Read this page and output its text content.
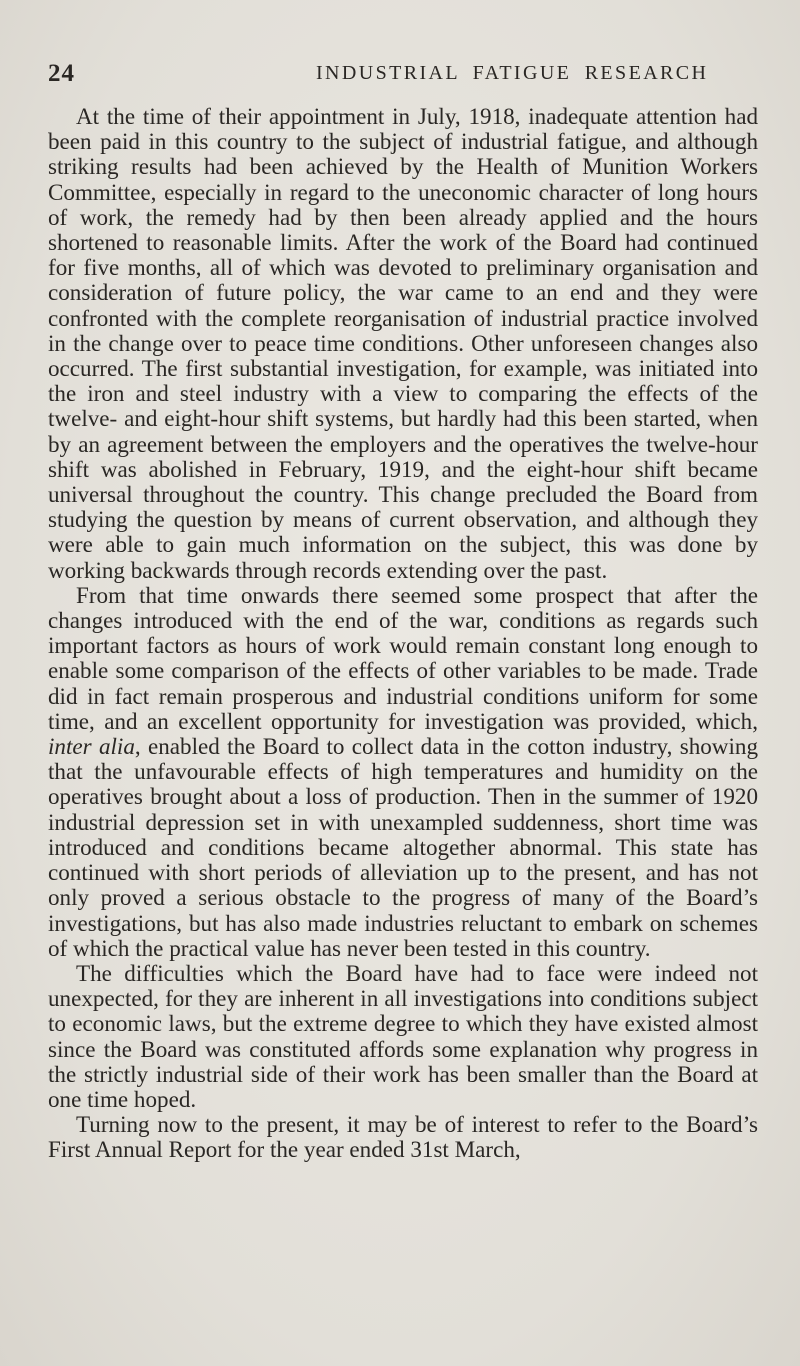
24	INDUSTRIAL FATIGUE RESEARCH

At the time of their appointment in July, 1918, inadequate attention had been paid in this country to the subject of industrial fatigue, and although striking results had been achieved by the Health of Munition Workers Committee, especially in regard to the uneconomic character of long hours of work, the remedy had by then been already applied and the hours shortened to reasonable limits. After the work of the Board had continued for five months, all of which was devoted to preliminary organisation and consideration of future policy, the war came to an end and they were confronted with the complete reorganisation of industrial practice involved in the change over to peace time conditions. Other unforeseen changes also occurred. The first substantial investigation, for example, was initiated into the iron and steel industry with a view to comparing the effects of the twelve- and eight-hour shift systems, but hardly had this been started, when by an agreement between the employers and the operatives the twelve-hour shift was abolished in February, 1919, and the eight-hour shift became universal throughout the country. This change precluded the Board from studying the question by means of current observation, and although they were able to gain much information on the subject, this was done by working backwards through records extending over the past.

From that time onwards there seemed some prospect that after the changes introduced with the end of the war, conditions as regards such important factors as hours of work would remain constant long enough to enable some comparison of the effects of other variables to be made. Trade did in fact remain prosperous and industrial conditions uniform for some time, and an excellent opportunity for investigation was provided, which, inter alia, enabled the Board to collect data in the cotton industry, showing that the unfavourable effects of high temperatures and humidity on the operatives brought about a loss of production. Then in the summer of 1920 industrial depression set in with unexampled suddenness, short time was introduced and conditions became altogether abnormal. This state has continued with short periods of alleviation up to the present, and has not only proved a serious obstacle to the progress of many of the Board’s investigations, but has also made industries reluctant to embark on schemes of which the practical value has never been tested in this country.

The difficulties which the Board have had to face were indeed not unexpected, for they are inherent in all investigations into conditions subject to economic laws, but the extreme degree to which they have existed almost since the Board was constituted affords some explanation why progress in the strictly industrial side of their work has been smaller than the Board at one time hoped.

Turning now to the present, it may be of interest to refer to the Board’s First Annual Report for the year ended 31st March,
